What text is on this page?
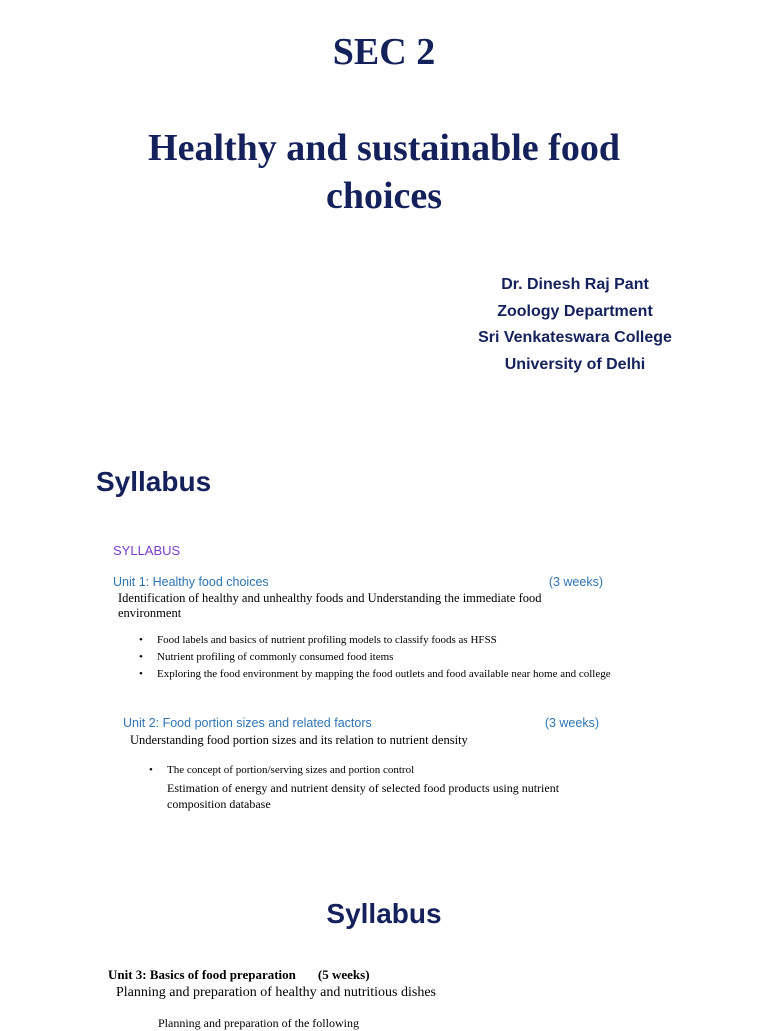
SEC 2
Healthy and sustainable food
choices
Dr. Dinesh Raj Pant
Zoology Department
Sri Venkateswara College
University of Delhi
Syllabus
SYLLABUS
Unit 1: Healthy food choices	(3 weeks)
Identification of healthy and unhealthy foods and Understanding the immediate food
environment
• Food labels and basics of nutrient profiling models to classify foods as HFSS
• Nutrient profiling of commonly consumed food items
• Exploring the food environment by mapping the food outlets and food available near home and college
Unit 2: Food portion sizes and related factors	(3 weeks)
Understanding food portion sizes and its relation to nutrient density
• The concept of portion/serving sizes and portion control
Estimation of energy and nutrient density of selected food products using nutrient composition database
Syllabus
Unit 3: Basics of food preparation (5 weeks)
Planning and preparation of healthy and nutritious dishes
Planning and preparation of the following
